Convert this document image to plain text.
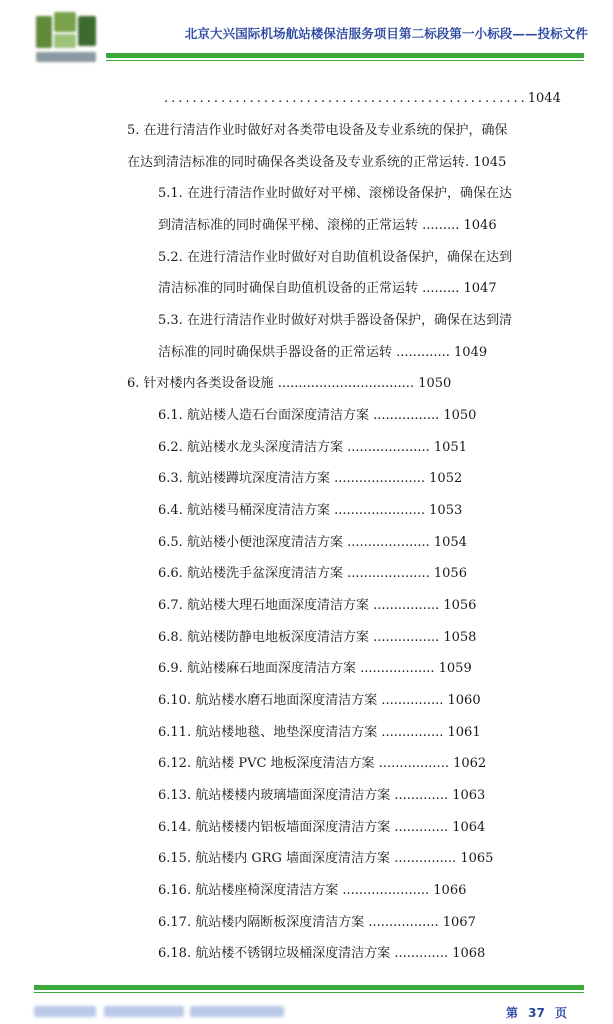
北京大兴国际机场航站楼保洁服务项目第二标段第一小标段——投标文件
...................................................1044
5. 在进行清洁作业时做好对各类带电设备及专业系统的保护，确保
在达到清洁标准的同时确保各类设备及专业系统的正常运转. 1045
5.1. 在进行清洁作业时做好对平梯、滚梯设备保护，确保在达
到清洁标准的同时确保平梯、滚梯的正常运转 ......... 1046
5.2. 在进行清洁作业时做好对自助值机设备保护，确保在达到
清洁标准的同时确保自助值机设备的正常运转 ......... 1047
5.3. 在进行清洁作业时做好对烘手器设备保护，确保在达到清
洁标准的同时确保烘手器设备的正常运转 ............. 1049
6. 针对楼内各类设备设施 ................................. 1050
6.1. 航站楼人造石台面深度清洁方案 ................ 1050
6.2. 航站楼水龙头深度清洁方案 .................... 1051
6.3. 航站楼蹲坑深度清洁方案 ...................... 1052
6.4. 航站楼马桶深度清洁方案 ...................... 1053
6.5. 航站楼小便池深度清洁方案 .................... 1054
6.6. 航站楼洗手盆深度清洁方案 .................... 1056
6.7. 航站楼大理石地面深度清洁方案 ................ 1056
6.8. 航站楼防静电地板深度清洁方案 ................ 1058
6.9. 航站楼麻石地面深度清洁方案 .................. 1059
6.10. 航站楼水磨石地面深度清洁方案 ............... 1060
6.11. 航站楼地毯、地垫深度清洁方案 ............... 1061
6.12. 航站楼 PVC 地板深度清洁方案 ................. 1062
6.13. 航站楼楼内玻璃墙面深度清洁方案 ............. 1063
6.14. 航站楼楼内铝板墙面深度清洁方案 ............. 1064
6.15. 航站楼内 GRG 墙面深度清洁方案 ............... 1065
6.16. 航站楼座椅深度清洁方案 ..................... 1066
6.17. 航站楼内隔断板深度清洁方案 ................. 1067
6.18. 航站楼不锈钢垃圾桶深度清洁方案 ............. 1068
第 37 页
